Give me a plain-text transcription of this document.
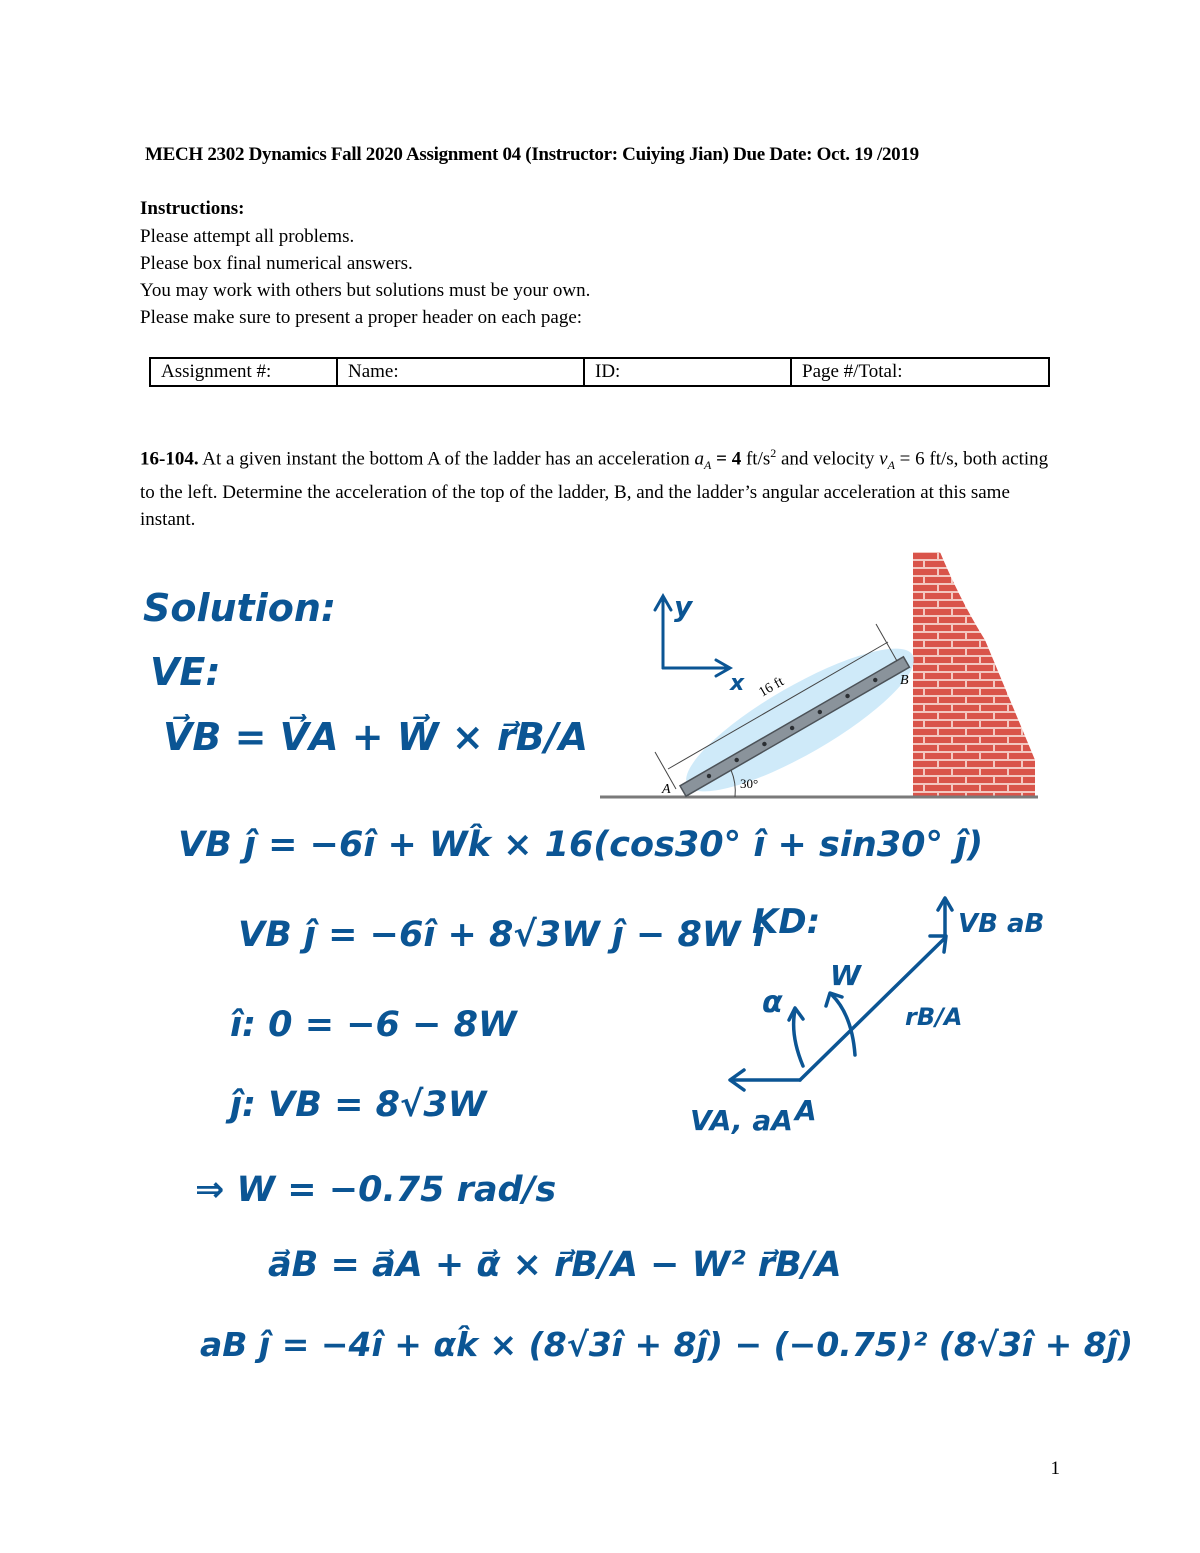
MECH 2302 Dynamics Fall 2020 Assignment 04 (Instructor: Cuiying Jian) Due Date: Oct. 19 /2019
Instructions:
Please attempt all problems.
Please box final numerical answers.
You may work with others but solutions must be your own.
Please make sure to present a proper header on each page:
Assignment #:	Name:	ID:	Page #/Total:
16-104. At a given instant the bottom A of the ladder has an acceleration $a_A = 4$ $ft/s^2$ and velocity $v_A = 6$ ft/s, both acting to the left. Determine the acceleration of the top of the ladder, B, and the ladder’s angular acceleration at this same instant.
16 ft
30°
A
B
y
x
Solution:
VE:
V⃗B = V⃗A + W⃗ × r⃗B/A
VB ĵ = −6î + Wk̂ × 16(cos30° î + sin30° ĵ)
VB ĵ = −6î + 8√3W ĵ − 8W î
KD:
î: 0 = −6 − 8W
ĵ: VB = 8√3W
⇒ W = −0.75 rad/s
a⃗B = a⃗A + α⃗ × r⃗B/A − W² r⃗B/A
aB ĵ = −4î + αk̂ × (8√3î + 8ĵ) − (−0.75)² (8√3î + 8ĵ)
VB aB
W
α	rB/A
VA, aA A
1
